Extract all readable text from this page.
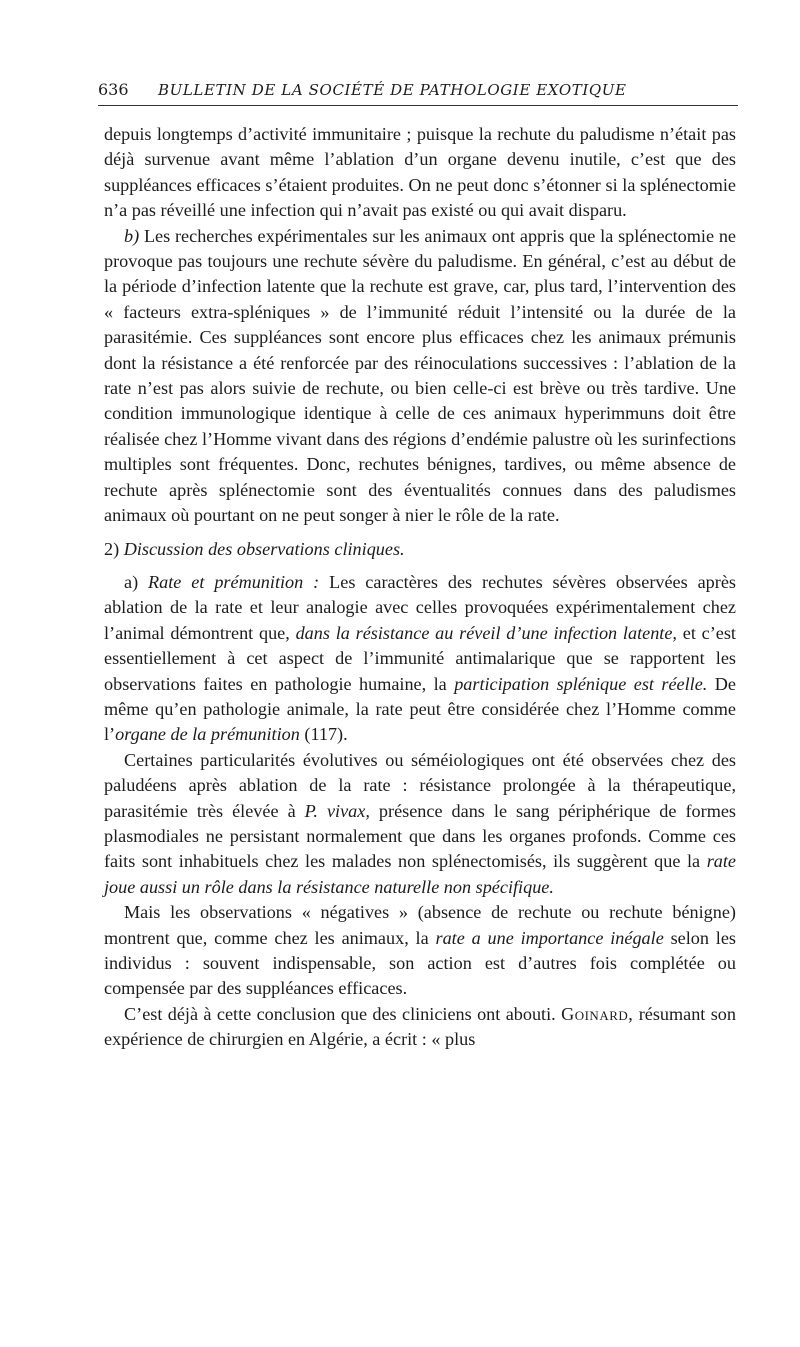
636	BULLETIN DE LA SOCIÉTÉ DE PATHOLOGIE EXOTIQUE

depuis longtemps d’activité immunitaire ; puisque la rechute du paludisme n’était pas déjà survenue avant même l’ablation d’un organe devenu inutile, c’est que des suppléances efficaces s’étaient produites. On ne peut donc s’étonner si la splénectomie n’a pas réveillé une infection qui n’avait pas existé ou qui avait disparu.

b) Les recherches expérimentales sur les animaux ont appris que la splénectomie ne provoque pas toujours une rechute sévère du paludisme. En général, c’est au début de la période d’infection latente que la rechute est grave, car, plus tard, l’intervention des « facteurs extra-spléniques » de l’immunité réduit l’intensité ou la durée de la parasitémie. Ces suppléances sont encore plus efficaces chez les animaux prémunis dont la résistance a été renforcée par des réinoculations successives : l’ablation de la rate n’est pas alors suivie de rechute, ou bien celle-ci est brève ou très tardive. Une condition immunologique identique à celle de ces animaux hyperimmuns doit être réalisée chez l’Homme vivant dans des régions d’endémie palustre où les surinfections multiples sont fréquentes. Donc, rechutes bénignes, tardives, ou même absence de rechute après splénectomie sont des éventualités connues dans des paludismes animaux où pourtant on ne peut songer à nier le rôle de la rate.

2) Discussion des observations cliniques.

a) Rate et prémunition : Les caractères des rechutes sévères observées après ablation de la rate et leur analogie avec celles provoquées expérimentalement chez l’animal démontrent que, dans la résistance au réveil d’une infection latente, et c’est essentiellement à cet aspect de l’immunité antimalarique que se rapportent les observations faites en pathologie humaine, la participation splénique est réelle. De même qu’en pathologie animale, la rate peut être considérée chez l’Homme comme l’organe de la prémunition (117).

Certaines particularités évolutives ou séméiologiques ont été observées chez des paludéens après ablation de la rate : résistance prolongée à la thérapeutique, parasitémie très élevée à P. vivax, présence dans le sang périphérique de formes plasmodiales ne persistant normalement que dans les organes profonds. Comme ces faits sont inhabituels chez les malades non splénectomisés, ils suggèrent que la rate joue aussi un rôle dans la résistance naturelle non spécifique.

Mais les observations « négatives » (absence de rechute ou rechute bénigne) montrent que, comme chez les animaux, la rate a une importance inégale selon les individus : souvent indispensable, son action est d’autres fois complétée ou compensée par des suppléances efficaces.

C’est déjà à cette conclusion que des cliniciens ont abouti. Goinard, résumant son expérience de chirurgien en Algérie, a écrit : « plus
